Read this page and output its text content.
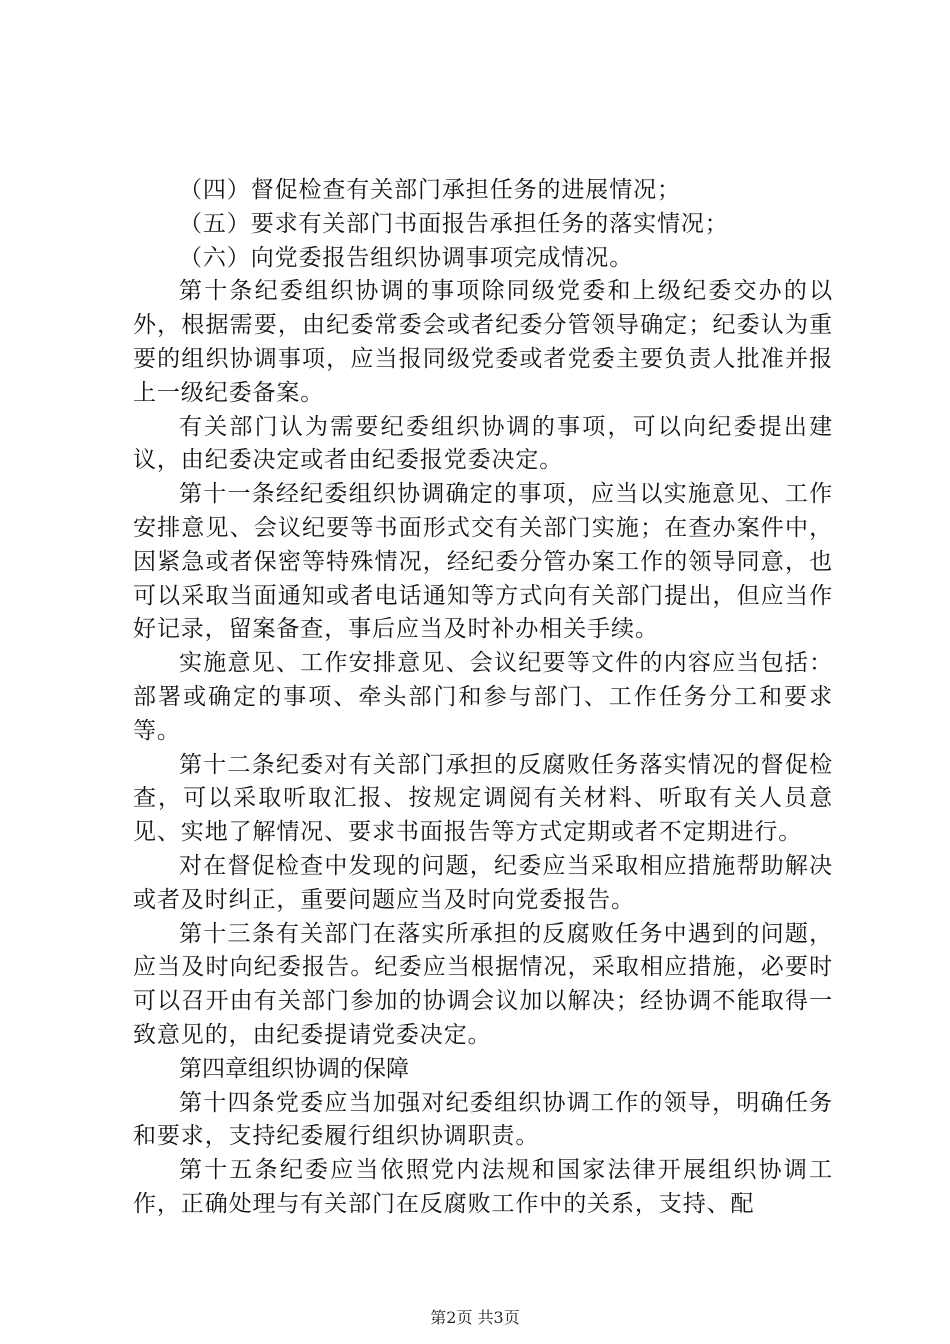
（四）督促检查有关部门承担任务的进展情况；

（五）要求有关部门书面报告承担任务的落实情况；

（六）向党委报告组织协调事项完成情况。

第十条纪委组织协调的事项除同级党委和上级纪委交办的以外，根据需要，由纪委常委会或者纪委分管领导确定；纪委认为重要的组织协调事项，应当报同级党委或者党委主要负责人批准并报上一级纪委备案。

有关部门认为需要纪委组织协调的事项，可以向纪委提出建议，由纪委决定或者由纪委报党委决定。

第十一条经纪委组织协调确定的事项，应当以实施意见、工作安排意见、会议纪要等书面形式交有关部门实施；在查办案件中，因紧急或者保密等特殊情况，经纪委分管办案工作的领导同意，也可以采取当面通知或者电话通知等方式向有关部门提出，但应当作好记录，留案备查，事后应当及时补办相关手续。

实施意见、工作安排意见、会议纪要等文件的内容应当包括：部署或确定的事项、牵头部门和参与部门、工作任务分工和要求等。

第十二条纪委对有关部门承担的反腐败任务落实情况的督促检查，可以采取听取汇报、按规定调阅有关材料、听取有关人员意见、实地了解情况、要求书面报告等方式定期或者不定期进行。

对在督促检查中发现的问题，纪委应当采取相应措施帮助解决或者及时纠正，重要问题应当及时向党委报告。

第十三条有关部门在落实所承担的反腐败任务中遇到的问题，应当及时向纪委报告。纪委应当根据情况，采取相应措施，必要时可以召开由有关部门参加的协调会议加以解决；经协调不能取得一致意见的，由纪委提请党委决定。

第四章组织协调的保障

第十四条党委应当加强对纪委组织协调工作的领导，明确任务和要求，支持纪委履行组织协调职责。

第十五条纪委应当依照党内法规和国家法律开展组织协调工作，正确处理与有关部门在反腐败工作中的关系，支持、配

第2页 共3页
